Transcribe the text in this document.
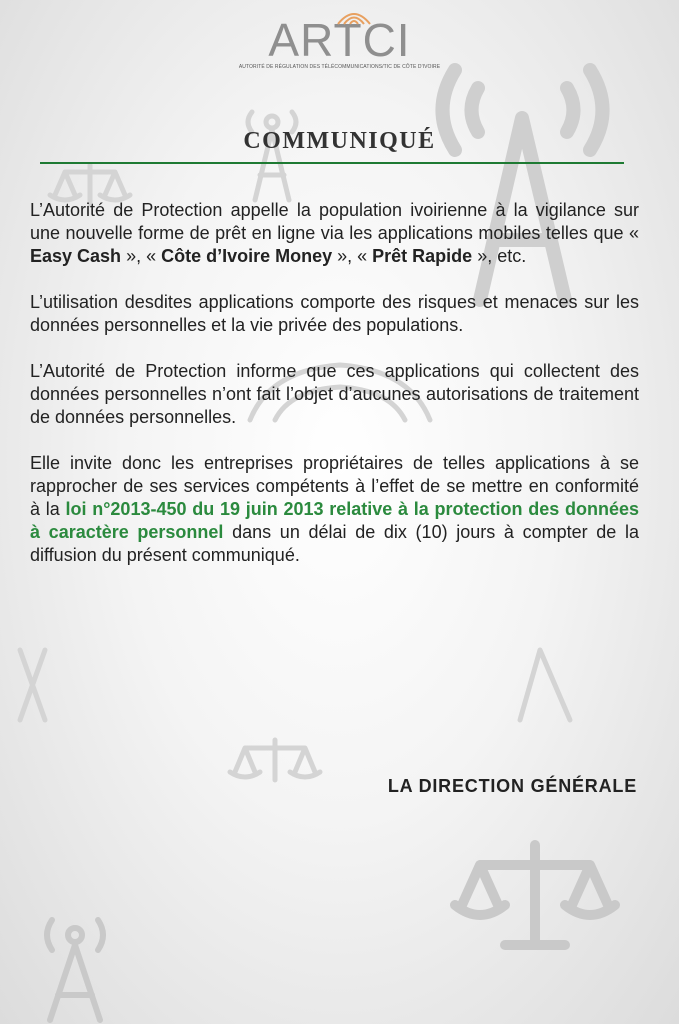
ARTCI
AUTORITÉ DE RÉGULATION DES TÉLÉCOMMUNICATIONS/TIC DE CÔTE D'IVOIRE
COMMUNIQUÉ

L’Autorité de Protection appelle la population ivoirienne à la vigilance sur une nouvelle forme de prêt en ligne via les applications mobiles telles que « Easy Cash », « Côte d’Ivoire Money », « Prêt Rapide », etc.

L’utilisation desdites applications comporte des risques et menaces sur les données personnelles et la vie privée des populations.

L’Autorité de Protection informe que ces applications qui collectent des données personnelles n’ont fait l’objet d’aucunes autorisations de traitement de données personnelles.

Elle invite donc les entreprises propriétaires de telles applications à se rapprocher de ses services compétents à l’effet de se mettre en conformité à la loi n°2013-450 du 19 juin 2013 relative à la protection des données à caractère personnel dans un délai de dix (10) jours à compter de la diffusion du présent communiqué.

LA DIRECTION GÉNÉRALE
